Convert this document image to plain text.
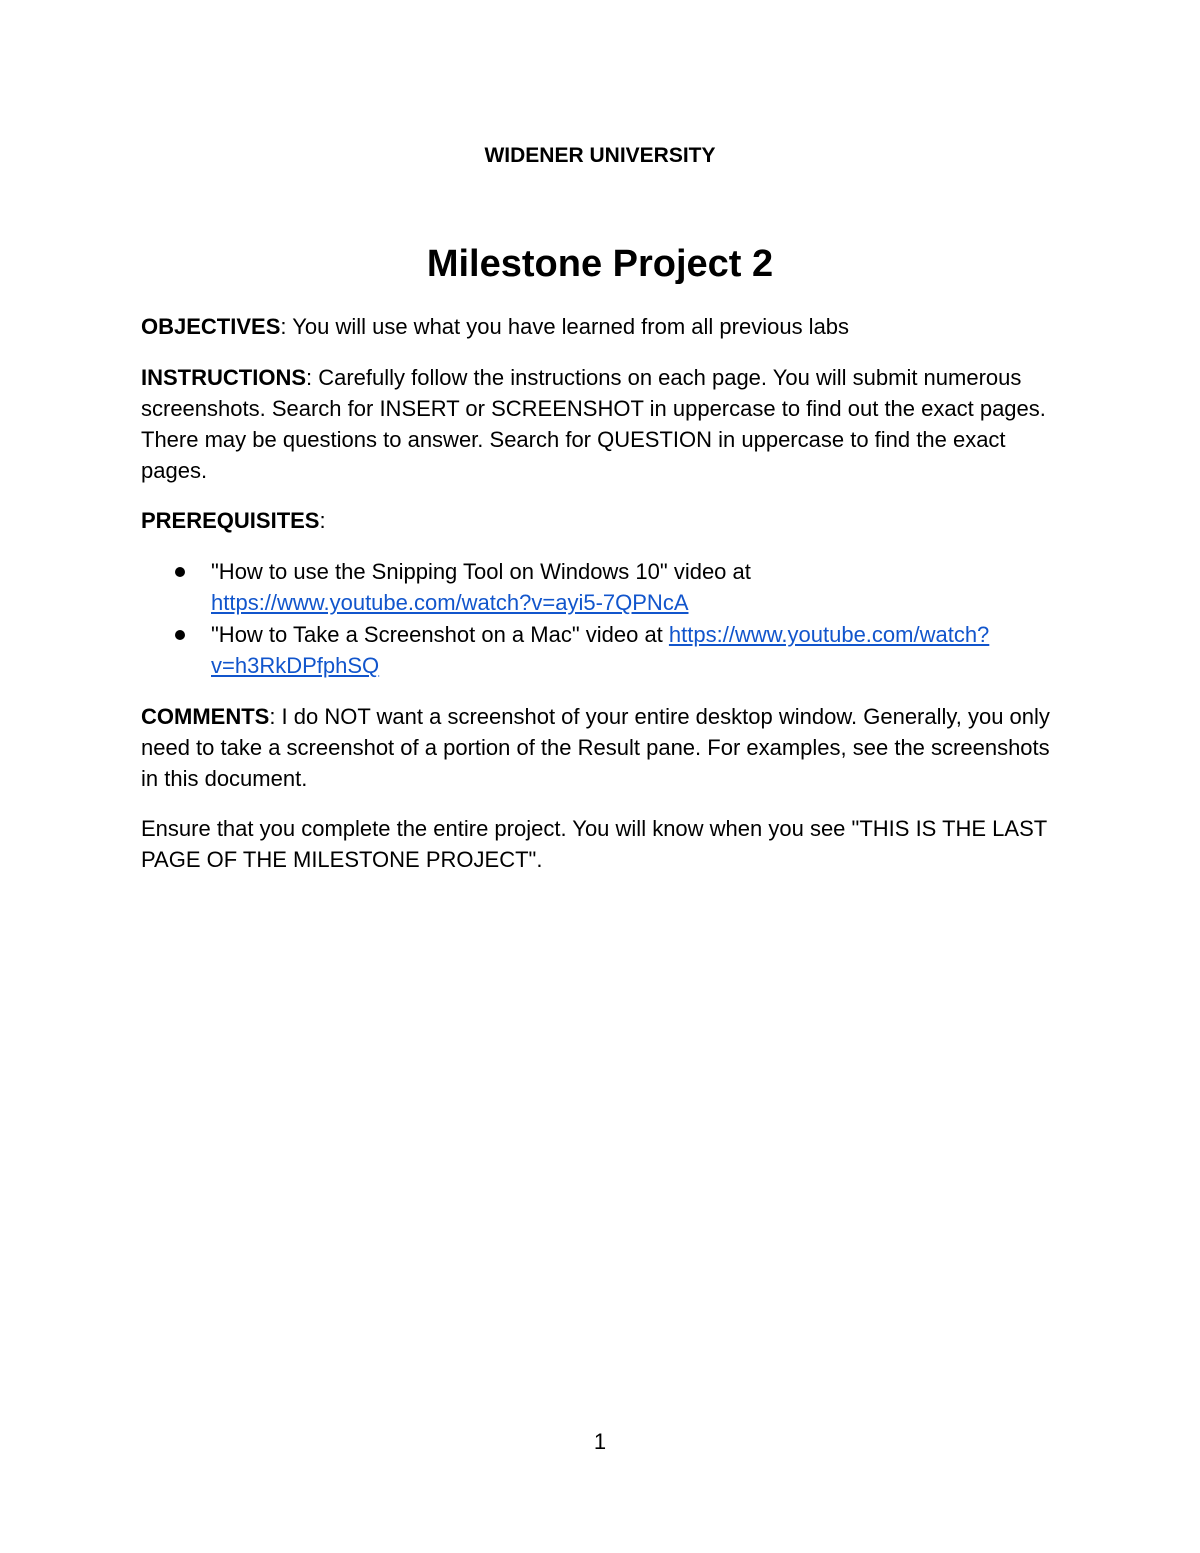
WIDENER UNIVERSITY
Milestone Project 2

OBJECTIVES: You will use what you have learned from all previous labs

INSTRUCTIONS: Carefully follow the instructions on each page. You will submit numerous screenshots. Search for INSERT or SCREENSHOT in uppercase to find out the exact pages. There may be questions to answer. Search for QUESTION in uppercase to find the exact pages.

PREREQUISITES:

"How to use the Snipping Tool on Windows 10" video at https://www.youtube.com/watch?v=ayi5-7QPNcA
"How to Take a Screenshot on a Mac" video at https://www.youtube.com/watch?v=h3RkDPfphSQ

COMMENTS: I do NOT want a screenshot of your entire desktop window. Generally, you only need to take a screenshot of a portion of the Result pane. For examples, see the screenshots in this document.

Ensure that you complete the entire project. You will know when you see "THIS IS THE LAST PAGE OF THE MILESTONE PROJECT".

1
